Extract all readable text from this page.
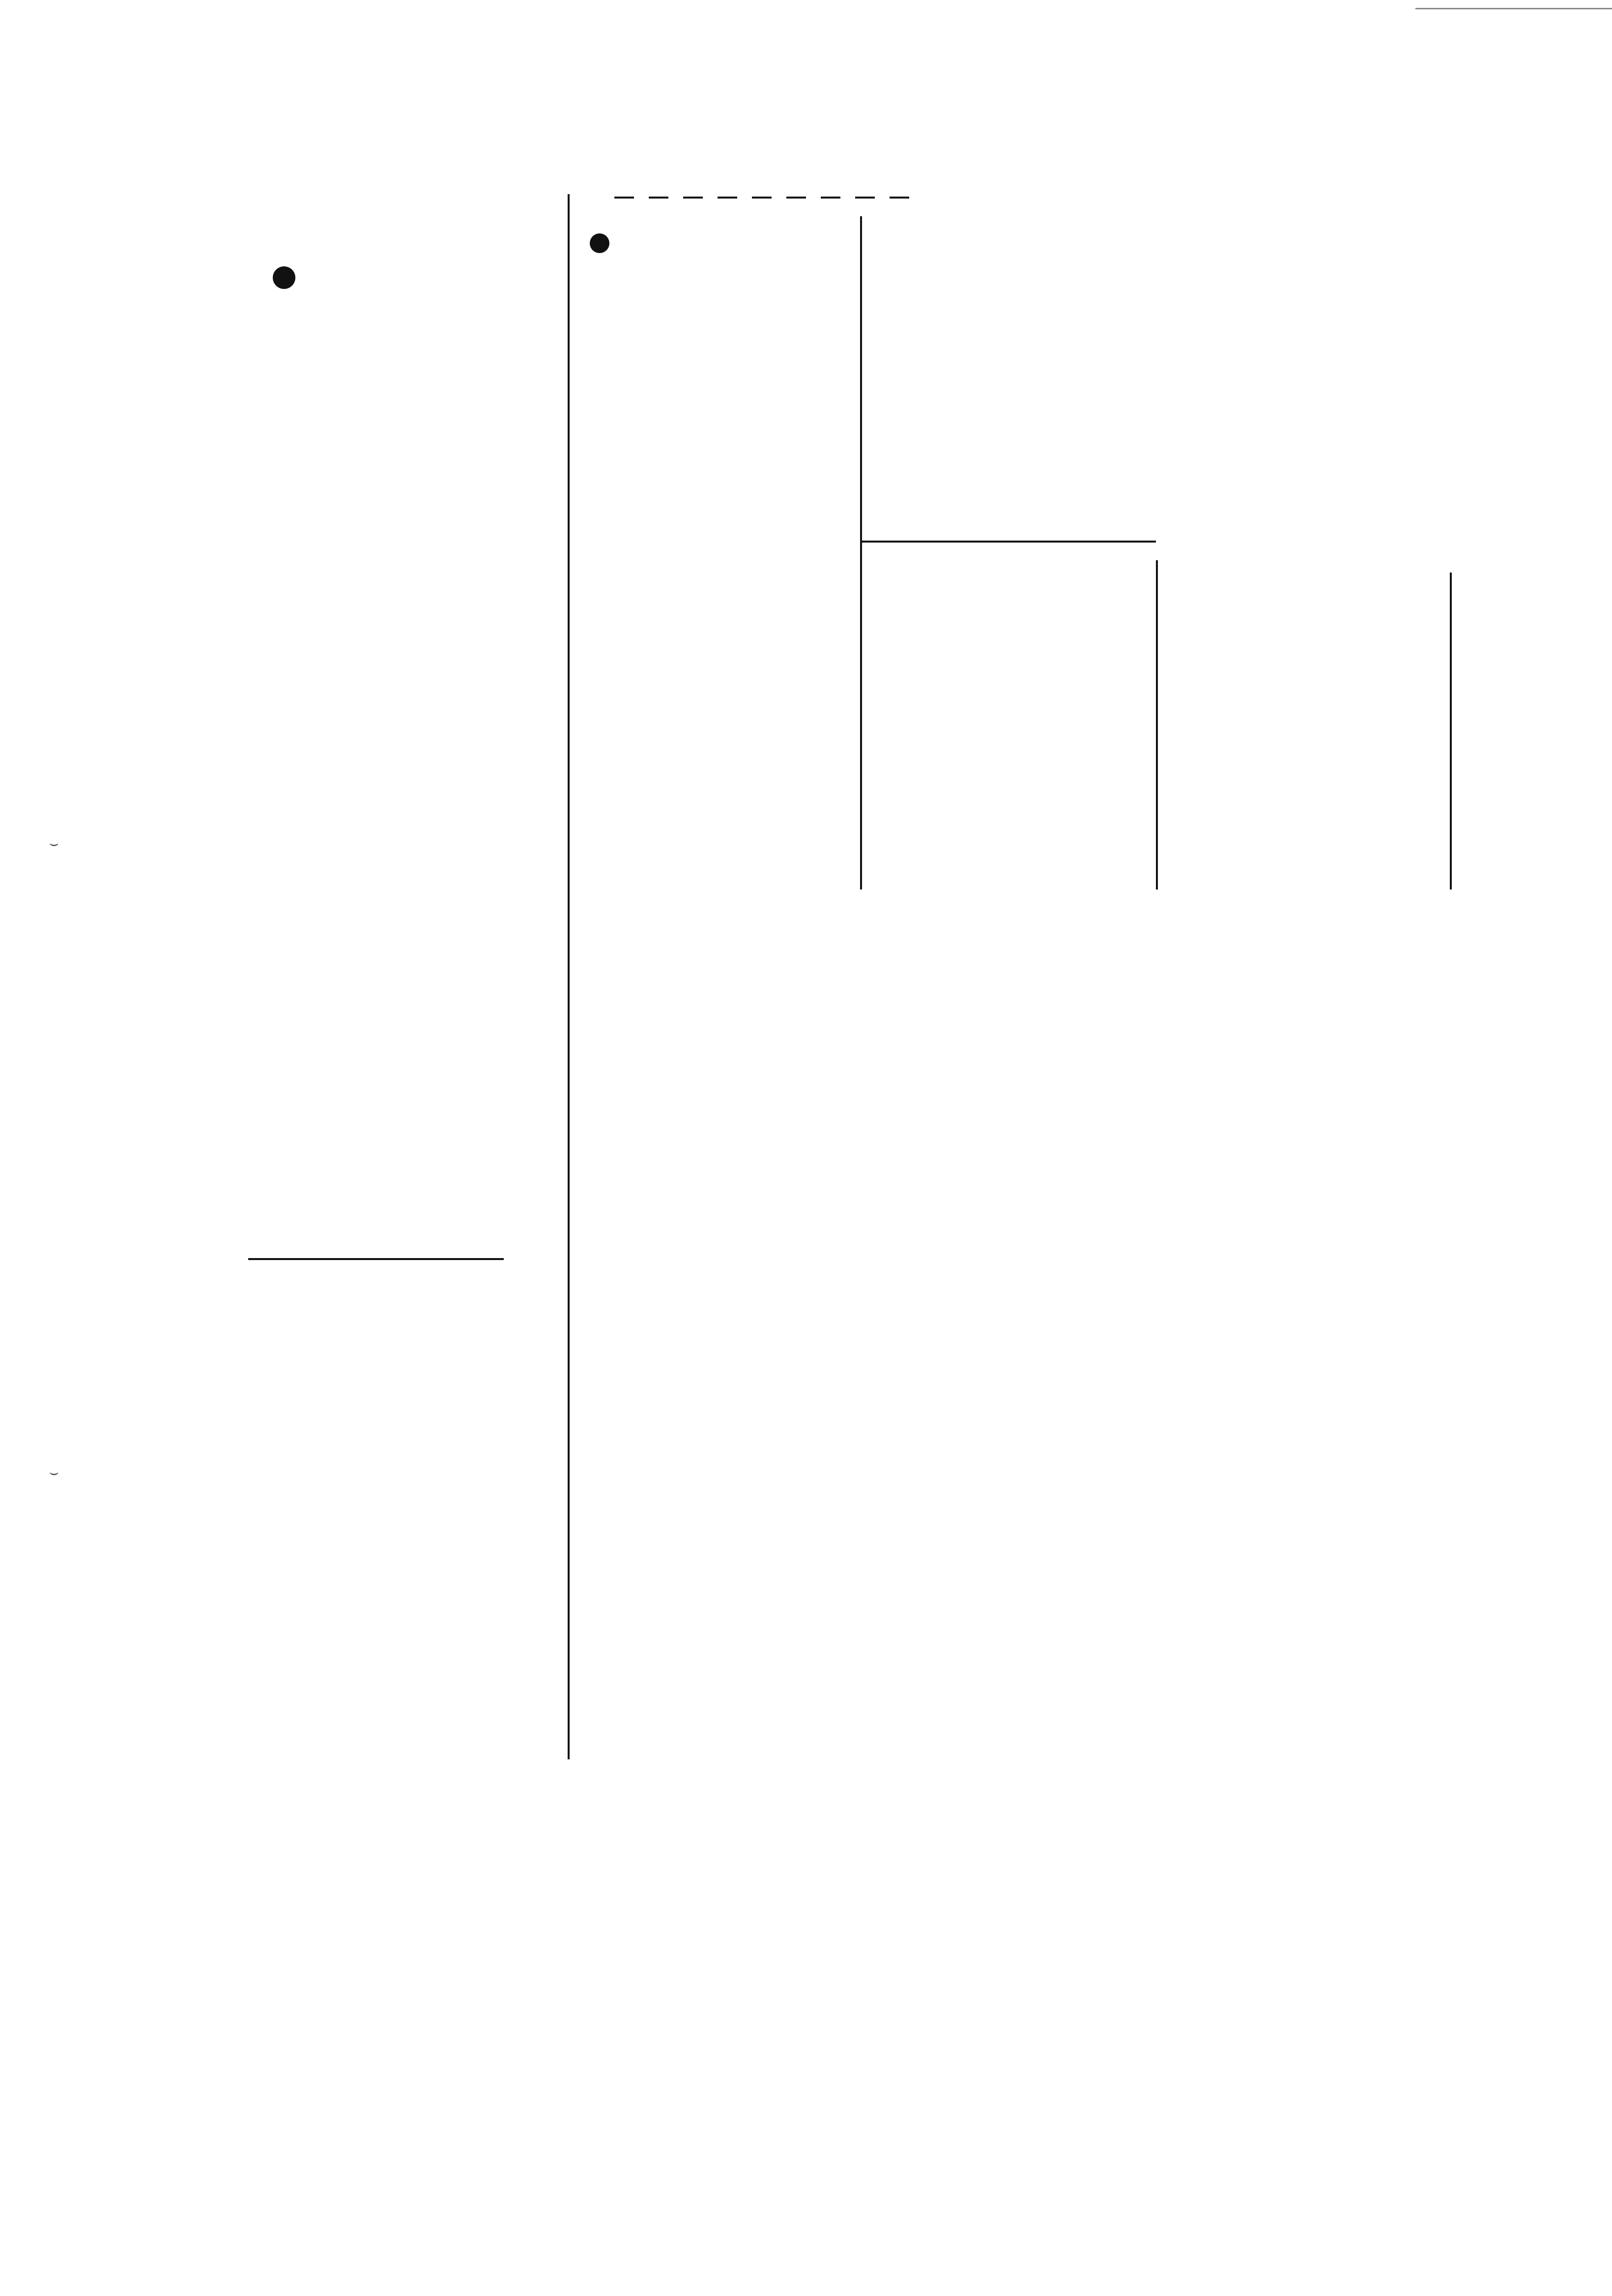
⌣
⌣
